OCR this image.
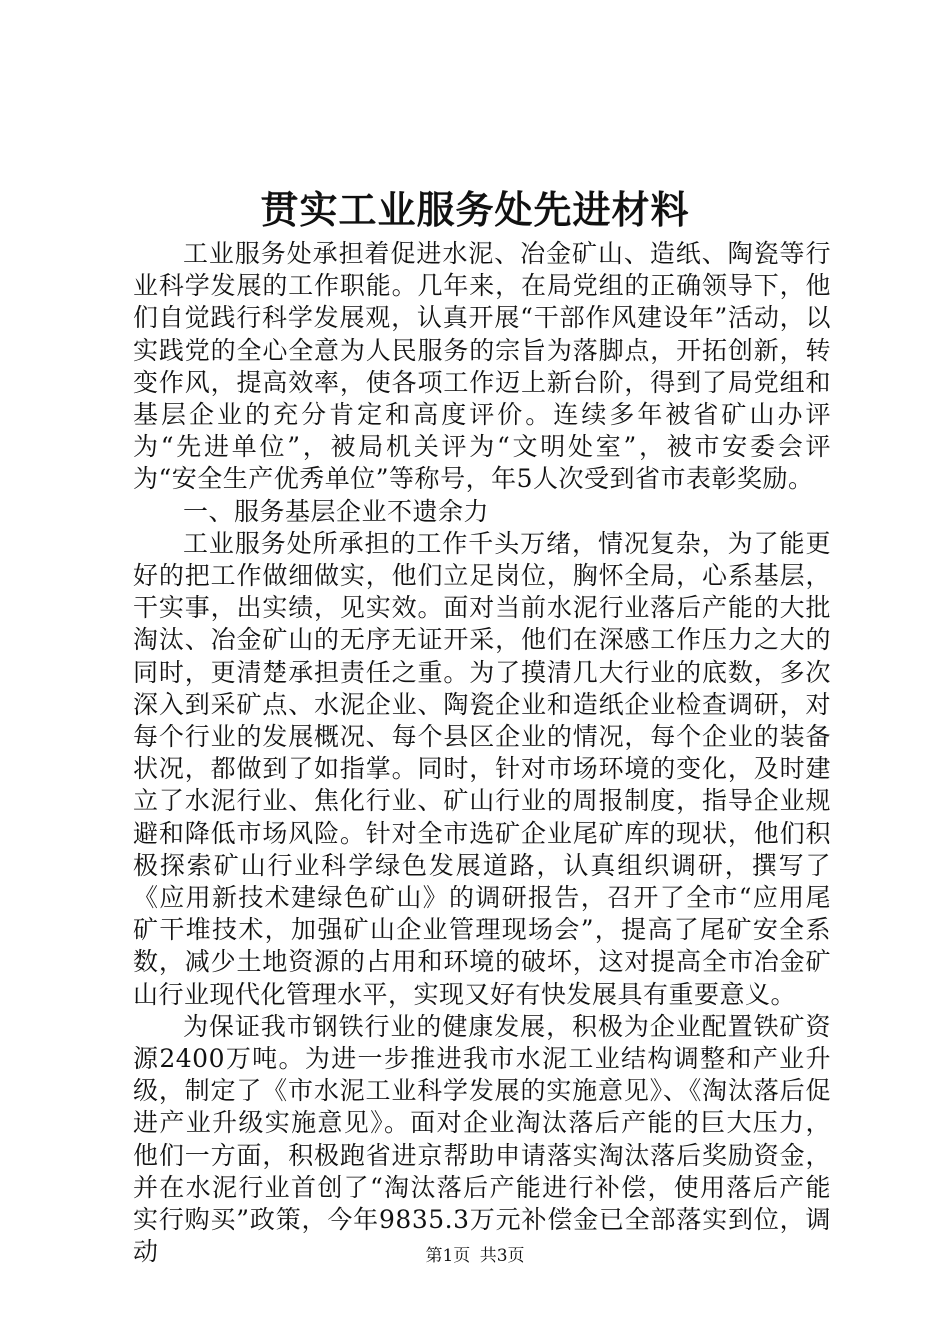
贯实工业服务处先进材料

工业服务处承担着促进水泥、冶金矿山、造纸、陶瓷等行业科学发展的工作职能。几年来，在局党组的正确领导下，他们自觉践行科学发展观，认真开展“干部作风建设年”活动，以实践党的全心全意为人民服务的宗旨为落脚点，开拓创新，转变作风，提高效率，使各项工作迈上新台阶，得到了局党组和基层企业的充分肯定和高度评价。连续多年被省矿山办评为“先进单位”，被局机关评为“文明处室”，被市安委会评为“安全生产优秀单位”等称号，年5人次受到省市表彰奖励。

一、服务基层企业不遗余力

工业服务处所承担的工作千头万绪，情况复杂，为了能更好的把工作做细做实，他们立足岗位，胸怀全局，心系基层，干实事，出实绩，见实效。面对当前水泥行业落后产能的大批淘汰、冶金矿山的无序无证开采，他们在深感工作压力之大的同时，更清楚承担责任之重。为了摸清几大行业的底数，多次深入到采矿点、水泥企业、陶瓷企业和造纸企业检查调研，对每个行业的发展概况、每个县区企业的情况，每个企业的装备状况，都做到了如指掌。同时，针对市场环境的变化，及时建立了水泥行业、焦化行业、矿山行业的周报制度，指导企业规避和降低市场风险。针对全市选矿企业尾矿库的现状，他们积极探索矿山行业科学绿色发展道路，认真组织调研，撰写了《应用新技术建绿色矿山》的调研报告，召开了全市“应用尾矿干堆技术，加强矿山企业管理现场会”，提高了尾矿安全系数，减少土地资源的占用和环境的破坏，这对提高全市冶金矿山行业现代化管理水平，实现又好有快发展具有重要意义。

为保证我市钢铁行业的健康发展，积极为企业配置铁矿资源2400万吨。为进一步推进我市水泥工业结构调整和产业升级，制定了《市水泥工业科学发展的实施意见》、《淘汰落后促进产业升级实施意见》。面对企业淘汰落后产能的巨大压力，他们一方面，积极跑省进京帮助申请落实淘汰落后奖励资金，并在水泥行业首创了“淘汰落后产能进行补偿，使用落后产能实行购买”政策，今年9835.3万元补偿金已全部落实到位，调动	第1页 共3页
